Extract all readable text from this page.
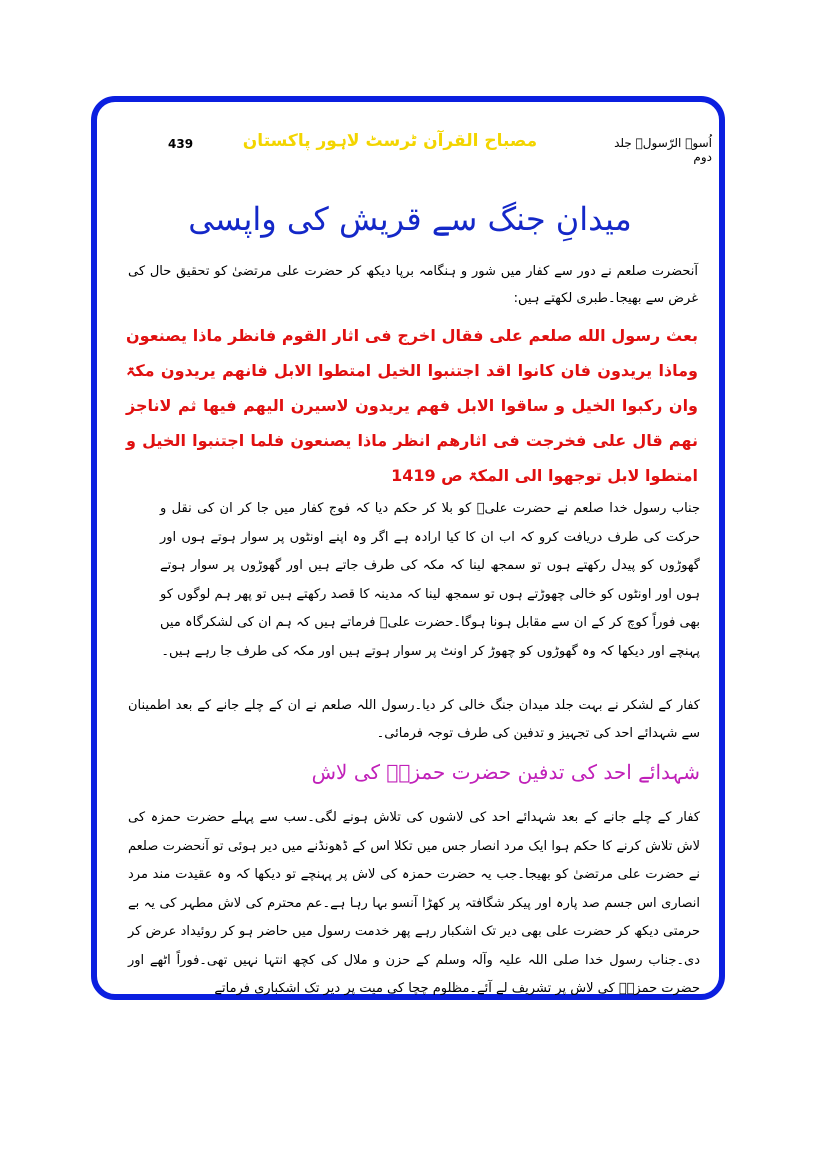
اُسوۃ الرّسولؐ جلد دوم
مصباح القرآن ٹرسٹ لاہور پاکستان
439
میدانِ جنگ سے قریش کی واپسی
آنحضرت صلعم نے دور سے کفار میں شور و ہنگامہ برپا دیکھ کر حضرت علی مرتضیٰ کو تحقیق حال کی غرض سے بھیجا۔طبری لکھتے ہیں:
بعث رسول الله صلعم علی فقال اخرج فی اثار القوم فانظر ماذا یصنعون وماذا یریدون فان کانوا اقد اجتنبوا الخیل امتطوا الابل فانھم یریدون مکۃ وان رکبوا الخیل و ساقوا الابل فھم یریدون لاسیرن الیھم فیھا ثم لاناجز نھم قال علی فخرجت فی اثارھم انظر ماذا یصنعون فلما اجتنبوا الخیل و امتطوا لابل توجھوا الی المکۃ ص 1419
جناب رسول خدا صلعم نے حضرت علیؑ کو بلا کر حکم دیا کہ فوج کفار میں جا کر ان کی نقل و حرکت کی طرف دریافت کرو کہ اب ان کا کیا ارادہ ہے اگر وہ اپنے اونٹوں پر سوار ہوتے ہوں اور گھوڑوں کو پیدل رکھتے ہوں تو سمجھ لینا کہ مکہ کی طرف جاتے ہیں اور گھوڑوں پر سوار ہوتے ہوں اور اونٹوں کو خالی چھوڑتے ہوں تو سمجھ لینا کہ مدینہ کا قصد رکھتے ہیں تو پھر ہم لوگوں کو بھی فوراً کوچ کر کے ان سے مقابل ہونا ہوگا۔حضرت علیؑ فرماتے ہیں کہ ہم ان کی لشکرگاہ میں پہنچے اور دیکھا کہ وہ گھوڑوں کو چھوڑ کر اونٹ پر سوار ہوتے ہیں اور مکہ کی طرف جا رہے ہیں۔
کفار کے لشکر نے بہت جلد میدان جنگ خالی کر دیا۔رسول اللہ صلعم نے ان کے چلے جانے کے بعد اطمینان سے شہدائے احد کی تجہیز و تدفین کی طرف توجہ فرمائی۔
شہدائے احد کی تدفین حضرت حمزہؑ کی لاش
کفار کے چلے جانے کے بعد شہدائے احد کی لاشوں کی تلاش ہونے لگی۔سب سے پہلے حضرت حمزہ کی لاش تلاش کرنے کا حکم ہوا ایک مرد انصار جس میں تکلا اس کے ڈھونڈنے میں دیر ہوئی تو آنحضرت صلعم نے حضرت علی مرتضیٰ کو بھیجا۔جب یہ حضرت حمزہ کی لاش پر پہنچے تو دیکھا کہ وہ عقیدت مند مرد انصاری اس جسم صد پارہ اور پیکر شگافتہ پر کھڑا آنسو بہا رہا ہے۔عم محترم کی لاش مطہر کی یہ بے حرمتی دیکھ کر حضرت علی بھی دیر تک اشکبار رہے پھر خدمت رسول میں حاضر ہو کر روئیداد عرض کر دی۔جناب رسول خدا صلی اللہ علیہ وآلہ وسلم کے حزن و ملال کی کچھ انتہا نہیں تھی۔فوراً اٹھے اور حضرت حمزہؑ کی لاش پر تشریف لے آئے۔مظلوم چچا کی میت پر دیر تک اشکباری فرماتے
